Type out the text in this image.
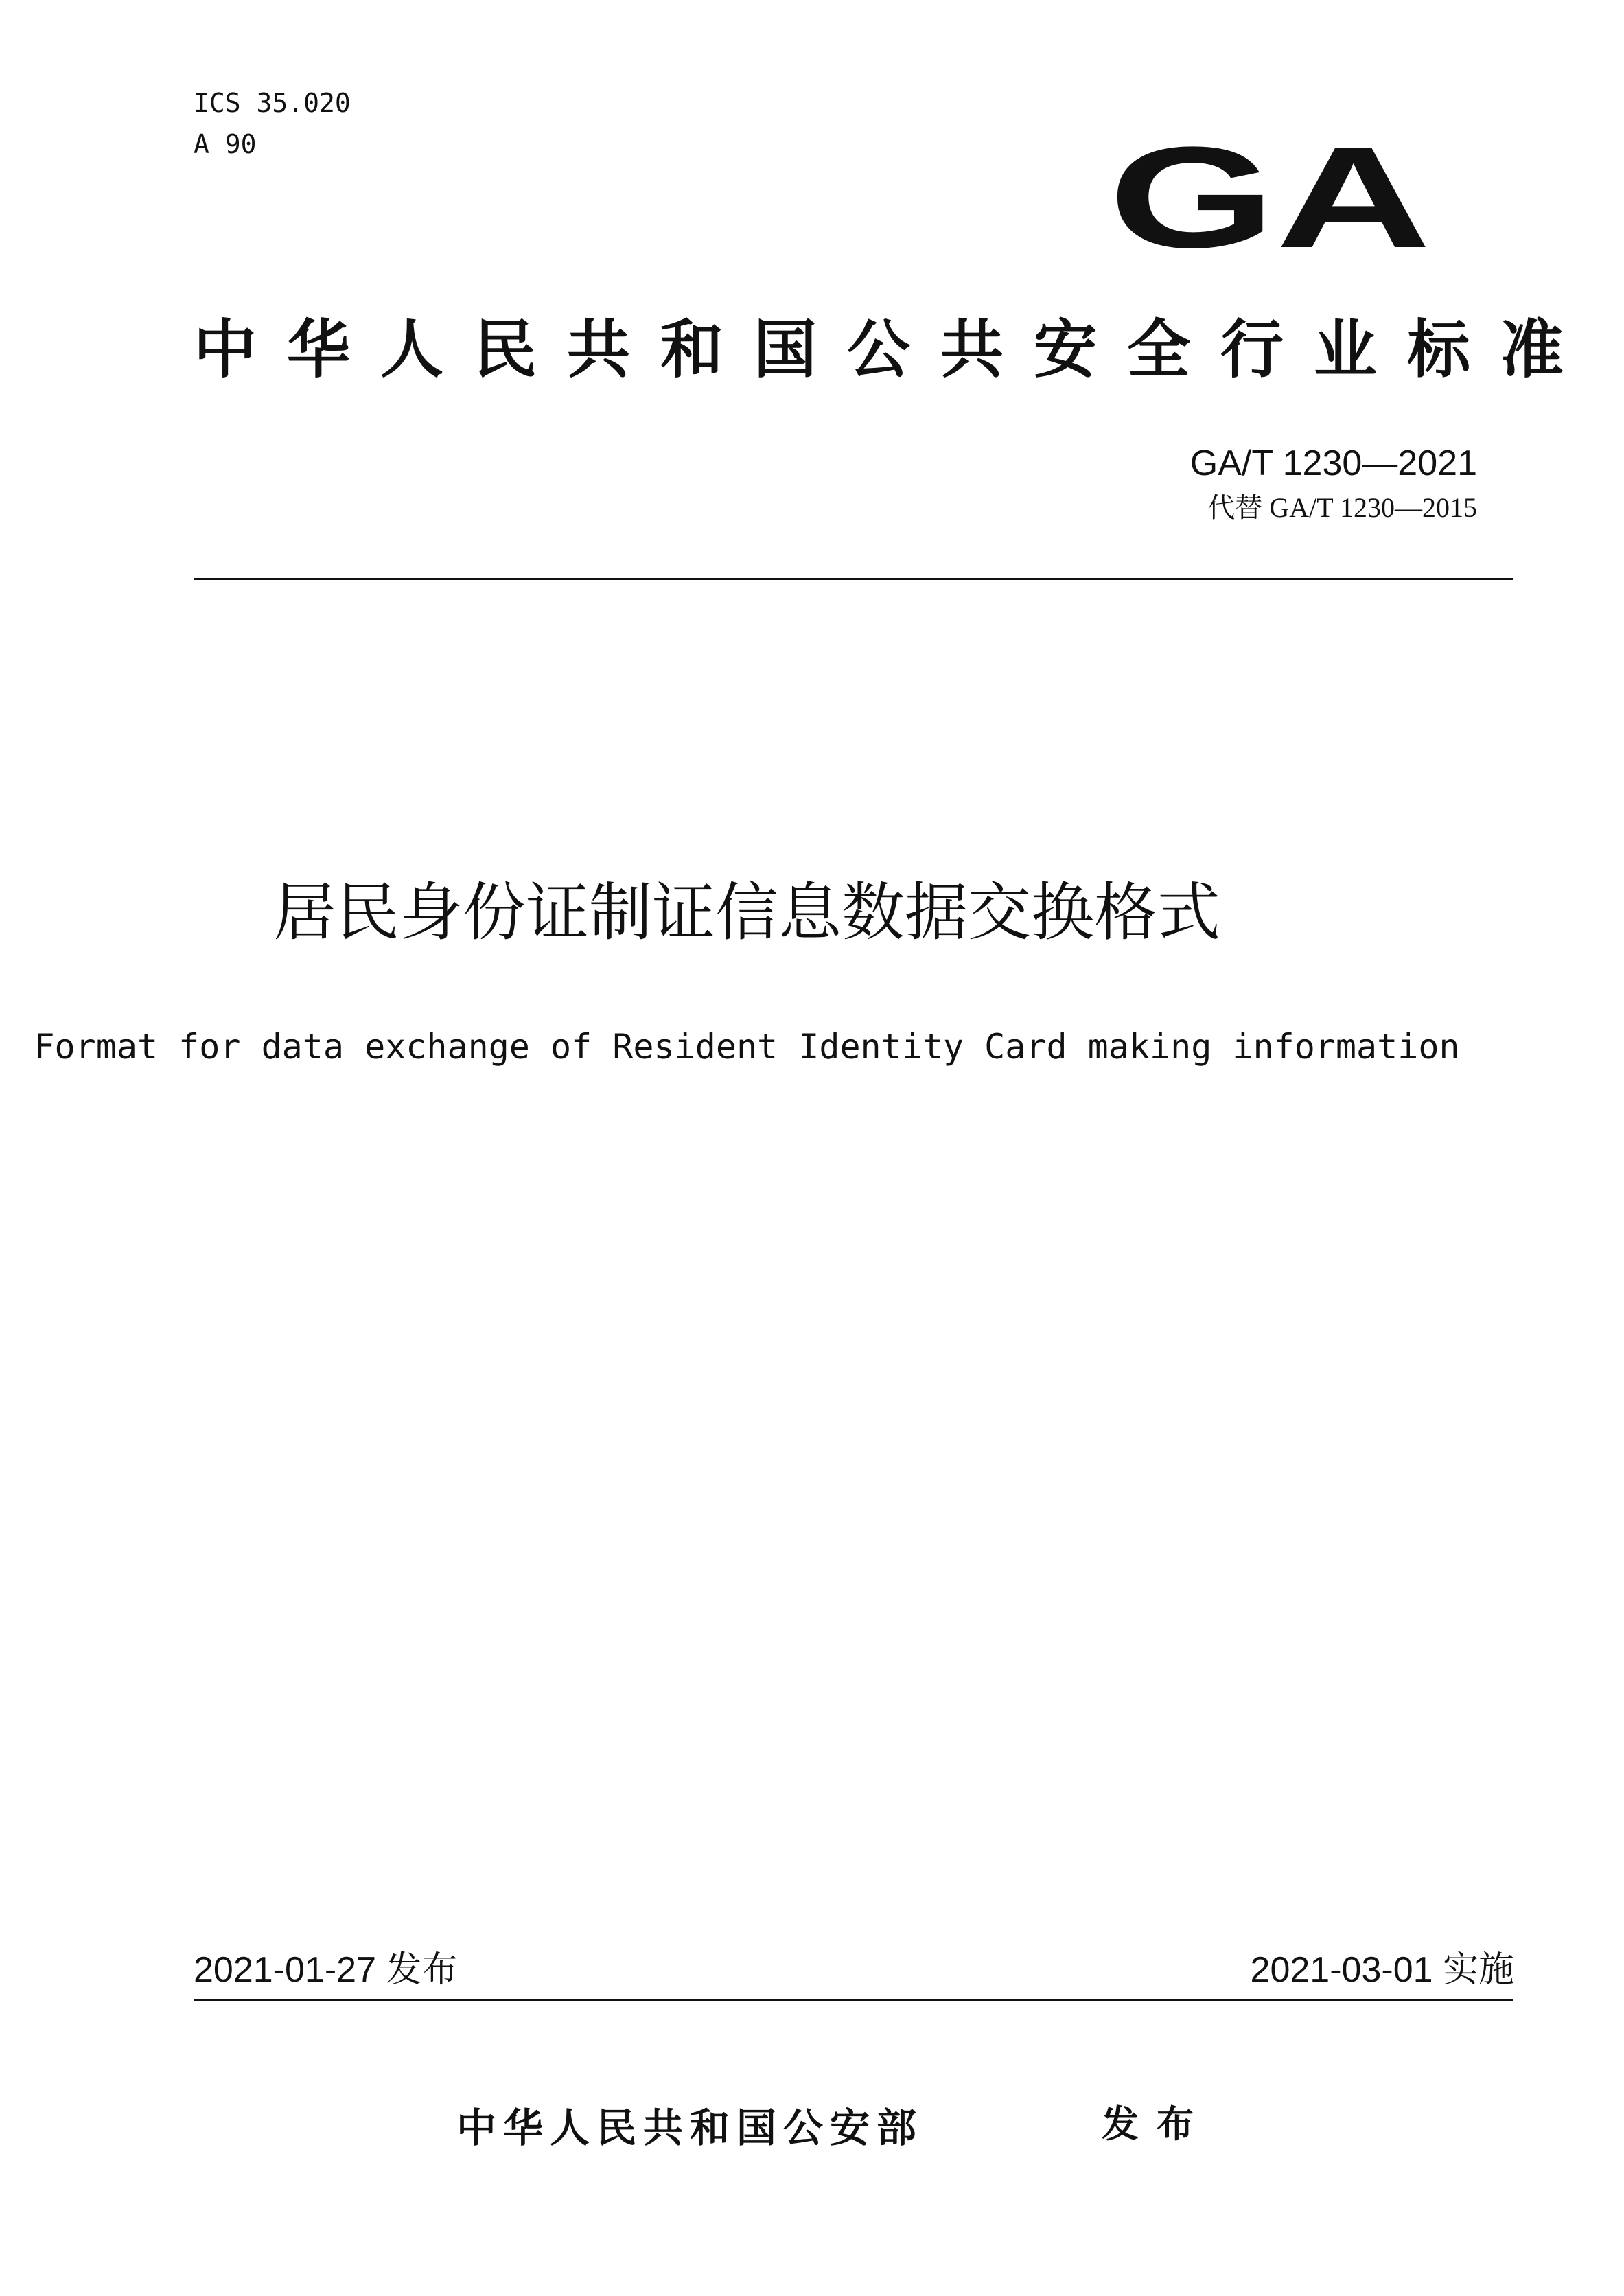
ICS 35.020
A 90	GA
中华人民共和国公共安全行业标准
GA/T 1230—2021
代替 GA/T 1230—2015
居民身份证制证信息数据交换格式
Format for data exchange of Resident Identity Card making information
2021-01-27 发布	2021-03-01 实施
中华人民共和国公安部	发布
